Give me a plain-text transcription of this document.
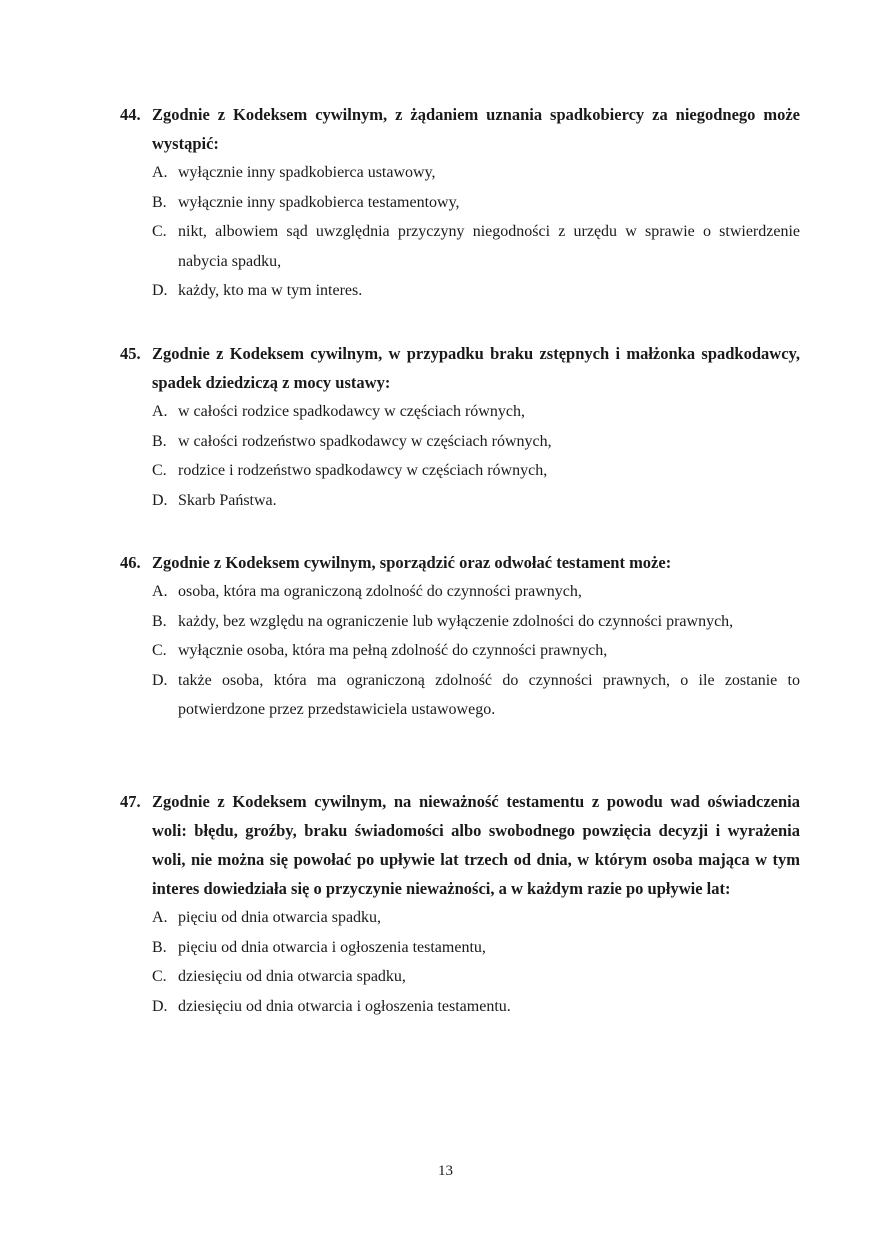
44. Zgodnie z Kodeksem cywilnym, z żądaniem uznania spadkobiercy za niegodnego może wystąpić:
A. wyłącznie inny spadkobierca ustawowy,
B. wyłącznie inny spadkobierca testamentowy,
C. nikt, albowiem sąd uwzględnia przyczyny niegodności z urzędu w sprawie o stwierdzenie nabycia spadku,
D. każdy, kto ma w tym interes.
45. Zgodnie z Kodeksem cywilnym, w przypadku braku zstępnych i małżonka spadkodawcy, spadek dziedziczą z mocy ustawy:
A. w całości rodzice spadkodawcy w częściach równych,
B. w całości rodzeństwo spadkodawcy w częściach równych,
C. rodzice i rodzeństwo spadkodawcy w częściach równych,
D. Skarb Państwa.
46. Zgodnie z Kodeksem cywilnym, sporządzić oraz odwołać testament może:
A. osoba, która ma ograniczoną zdolność do czynności prawnych,
B. każdy, bez względu na ograniczenie lub wyłączenie zdolności do czynności prawnych,
C. wyłącznie osoba, która ma pełną zdolność do czynności prawnych,
D. także osoba, która ma ograniczoną zdolność do czynności prawnych, o ile zostanie to potwierdzone przez przedstawiciela ustawowego.
47. Zgodnie z Kodeksem cywilnym, na nieważność testamentu z powodu wad oświadczenia woli: błędu, groźby, braku świadomości albo swobodnego powzięcia decyzji i wyrażenia woli, nie można się powołać po upływie lat trzech od dnia, w którym osoba mająca w tym interes dowiedziała się o przyczynie nieważności, a w każdym razie po upływie lat:
A. pięciu od dnia otwarcia spadku,
B. pięciu od dnia otwarcia i ogłoszenia testamentu,
C. dziesięciu od dnia otwarcia spadku,
D. dziesięciu od dnia otwarcia i ogłoszenia testamentu.
13
